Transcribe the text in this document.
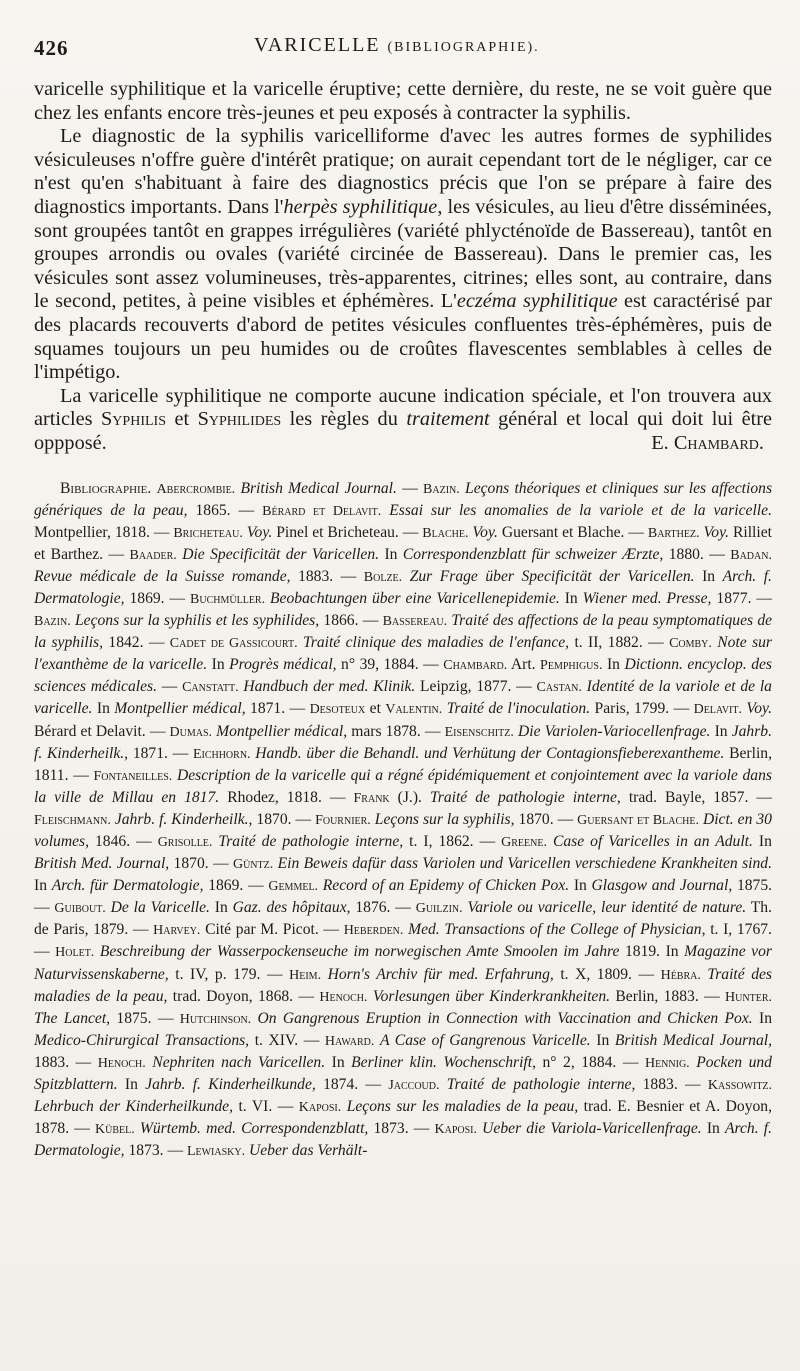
426	VARICELLE (BIBLIOGRAPHIE).

varicelle syphilitique et la varicelle éruptive; cette dernière, du reste, ne se voit guère que chez les enfants encore très-jeunes et peu exposés à contracter la syphilis.

Le diagnostic de la syphilis varicelliforme d'avec les autres formes de syphilides vésiculeuses n'offre guère d'intérêt pratique; on aurait cependant tort de le négliger, car ce n'est qu'en s'habituant à faire des diagnostics précis que l'on se prépare à faire des diagnostics importants. Dans l'herpès syphilitique, les vésicules, au lieu d'être disséminées, sont groupées tantôt en grappes irrégulières (variété phlycténoïde de Bassereau), tantôt en groupes arrondis ou ovales (variété circinée de Bassereau). Dans le premier cas, les vésicules sont assez volumineuses, très-apparentes, citrines; elles sont, au contraire, dans le second, petites, à peine visibles et éphémères. L'eczéma syphilitique est caractérisé par des placards recouverts d'abord de petites vésicules confluentes très-éphémères, puis de squames toujours un peu humides ou de croûtes flavescentes semblables à celles de l'impétigo.

La varicelle syphilitique ne comporte aucune indication spéciale, et l'on trouvera aux articles Syphilis et Syphilides les règles du traitement général et local qui doit lui être oppposé.	E. Chambard.

Bibliographie. Abercrombie. British Medical Journal. — Bazin. Leçons théoriques et cliniques sur les affections génériques de la peau, 1865. — Bérard et Delavit. Essai sur les anomalies de la variole et de la varicelle. Montpellier, 1818. — Bricheteau. Voy. Pinel et Bricheteau. — Blache. Voy. Guersant et Blache. — Barthez. Voy. Rilliet et Barthez. — Baader. Die Specificität der Varicellen. In Correspondenzblatt für schweizer Ærzte, 1880. — Badan. Revue médicale de la Suisse romande, 1883. — Bolze. Zur Frage über Specificität der Varicellen. In Arch. f. Dermatologie, 1869. — Buchmüller. Beobachtungen über eine Varicellenepidemie. In Wiener med. Presse, 1877. — Bazin. Leçons sur la syphilis et les syphilides, 1866. — Bassereau. Traité des affections de la peau symptomatiques de la syphilis, 1842. — Cadet de Gassicourt. Traité clinique des maladies de l'enfance, t. II, 1882. — Comby. Note sur l'exanthème de la varicelle. In Progrès médical, n° 39, 1884. — Chambard. Art. Pemphigus. In Dictionn. encyclop. des sciences médicales. — Canstatt. Handbuch der med. Klinik. Leipzig, 1877. — Castan. Identité de la variole et de la varicelle. In Montpellier médical, 1871. — Desoteux et Valentin. Traité de l'inoculation. Paris, 1799. — Delavit. Voy. Bérard et Delavit. — Dumas. Montpellier médical, mars 1878. — Eisenschitz. Die Variolen-Variocellenfrage. In Jahrb. f. Kinderheilk., 1871. — Eichhorn. Handb. über die Behandl. und Verhütung der Contagionsfieberexantheme. Berlin, 1811. — Fontaneilles. Description de la varicelle qui a régné épidémiquement et conjointement avec la variole dans la ville de Millau en 1817. Rhodez, 1818. — Frank (J.). Traité de pathologie interne, trad. Bayle, 1857. — Fleischmann. Jahrb. f. Kinderheilk., 1870. — Fournier. Leçons sur la syphilis, 1870. — Guersant et Blache. Dict. en 30 volumes, 1846. — Grisolle. Traité de pathologie interne, t. I, 1862. — Greene. Case of Varicelles in an Adult. In British Med. Journal, 1870. — Güntz. Ein Beweis dafür dass Variolen und Varicellen verschiedene Krankheiten sind. In Arch. für Dermatologie, 1869. — Gemmel. Record of an Epidemy of Chicken Pox. In Glasgow and Journal, 1875. — Guibout. De la Varicelle. In Gaz. des hôpitaux, 1876. — Guilzin. Variole ou varicelle, leur identité de nature. Th. de Paris, 1879. — Harvey. Cité par M. Picot. — Heberden. Med. Transactions of the College of Physician, t. I, 1767. — Holet. Beschreibung der Wasserpockenseuche im norwegischen Amte Smoolen im Jahre 1819. In Magazine vor Naturvissenskaberne, t. IV, p. 179. — Heim. Horn's Archiv für med. Erfahrung, t. X, 1809. — Hébra. Traité des maladies de la peau, trad. Doyon, 1868. — Henoch. Vorlesungen über Kinderkrankheiten. Berlin, 1883. — Hunter. The Lancet, 1875. — Hutchinson. On Gangrenous Eruption in Connection with Vaccination and Chicken Pox. In Medico-Chirurgical Transactions, t. XIV. — Haward. A Case of Gangrenous Varicelle. In British Medical Journal, 1883. — Henoch. Nephriten nach Varicellen. In Berliner klin. Wochenschrift, n° 2, 1884. — Hennig. Pocken und Spitzblattern. In Jahrb. f. Kinderheilkunde, 1874. — Jaccoud. Traité de pathologie interne, 1883. — Kassowitz. Lehrbuch der Kinderheilkunde, t. VI. — Kaposi. Leçons sur les maladies de la peau, trad. E. Besnier et A. Doyon, 1878. — Kübel. Würtemb. med. Correspondenzblatt, 1873. — Kaposi. Ueber die Variola-Varicellenfrage. In Arch. f. Dermatologie, 1873. — Lewiasky. Ueber das Verhält-
